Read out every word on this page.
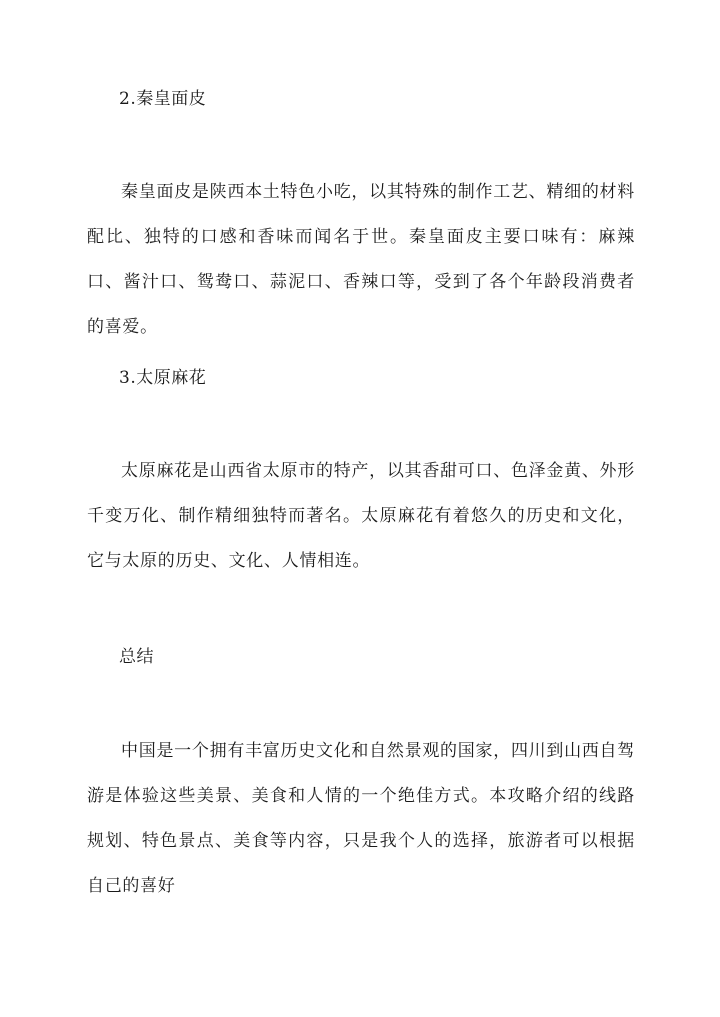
2.秦皇面皮

秦皇面皮是陕西本土特色小吃，以其特殊的制作工艺、精细的材料配比、独特的口感和香味而闻名于世。秦皇面皮主要口味有：麻辣口、酱汁口、鸳鸯口、蒜泥口、香辣口等，受到了各个年龄段消费者的喜爱。

3.太原麻花

太原麻花是山西省太原市的特产，以其香甜可口、色泽金黄、外形千变万化、制作精细独特而著名。太原麻花有着悠久的历史和文化，它与太原的历史、文化、人情相连。

总结

中国是一个拥有丰富历史文化和自然景观的国家，四川到山西自驾游是体验这些美景、美食和人情的一个绝佳方式。本攻略介绍的线路规划、特色景点、美食等内容，只是我个人的选择，旅游者可以根据自己的喜好
